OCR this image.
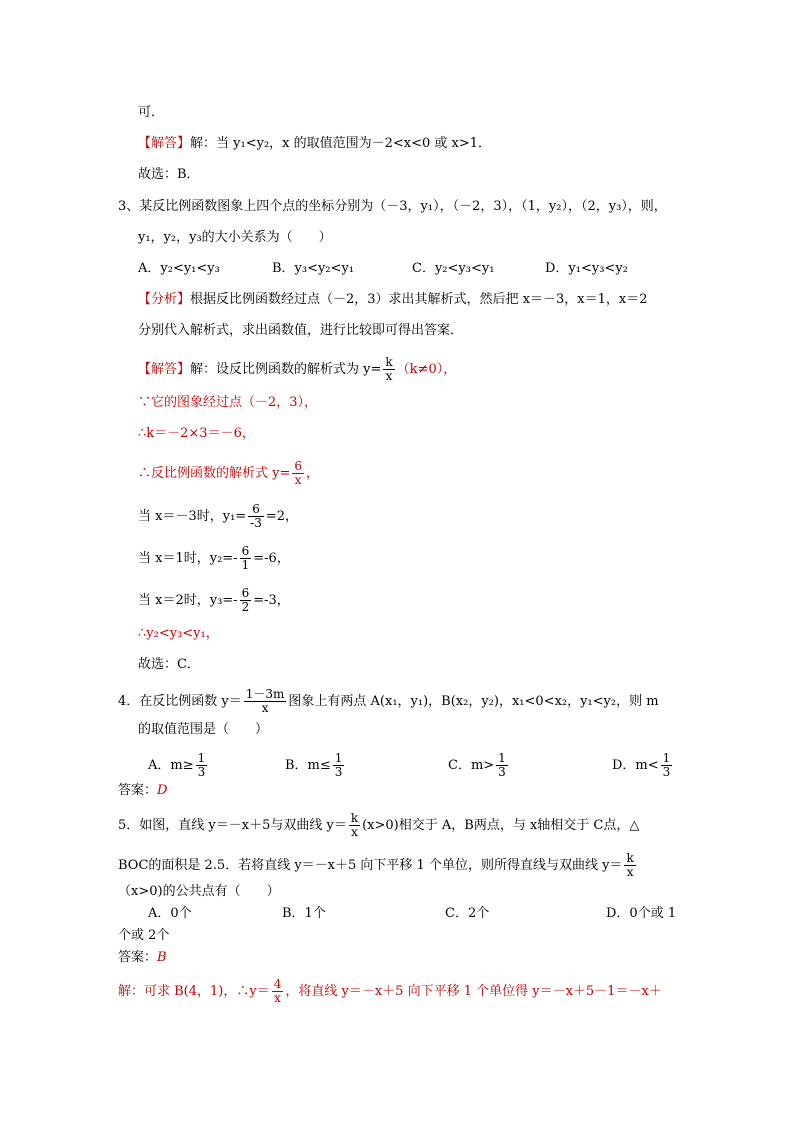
可．
【解答】解：当 y₁<y₂，x 的取值范围为－2<x<0 或 x>1．
故选：B．
3、某反比例函数图象上四个点的坐标分别为（－3，y₁），（－2，3），（1，y₂），（2，y₃），则，
y₁，y₂，y₃的大小关系为（　　）
A．y₂<y₁<y₃	B．y₃<y₂<y₁	C．y₂<y₃<y₁	D．y₁<y₃<y₂
【分析】根据反比例函数经过点（－2，3）求出其解析式，然后把 x＝－3，x＝1，x＝2
分别代入解析式，求出函数值，进行比较即可得出答案．
【解答】解：设反比例函数的解析式为 $y= \frac{k}{x} (k\ne 0)$，
∵它的图象经过点（－2，3），
∴k＝－2×3＝－6，
∴反比例函数的解析式 $y= \frac{6}{x}$ ，
当 x＝－3时，$y_1= \frac{6}{-3} =2$，
当 x＝1时，$y_2=- \frac{6}{1} =-6$，
当 x＝2时，$y_3=- \frac{6}{2} =-3$，
∴y₂<y₃<y₁，
故选：C．
4．在反比例函数 $y= \frac{1-3m}{x}$ 图象上有两点 A(x₁，y₁)，B(x₂，y₂)，x₁<0<x₂，y₁<y₂，则 m
的取值范围是（　　）
A．$m\ge \frac{1}{3}$	B．$m\le \frac{1}{3}$	C．$m> \frac{1}{3}$	D．$m< \frac{1}{3}$
答案：D
5．如图，直线 y＝－x＋5与双曲线 $y= \frac{k}{x} (x>0)$相交于 A，B两点，与 x轴相交于 C点，△
BOC的面积是 2.5．若将直线 y＝－x＋5 向下平移 1 个单位，则所得直线与双曲线 $y= \frac{k}{x}$
（x>0)的公共点有（　　）
A．0个	B．1个	C．2个	D．0个或 1
个或 2个
答案：B
解：可求 B(4，1)，∴y＝ $\frac{4}{x}$ ，将直线 y＝－x＋5 向下平移 1 个单位得 y＝－x＋5－1＝－x＋
